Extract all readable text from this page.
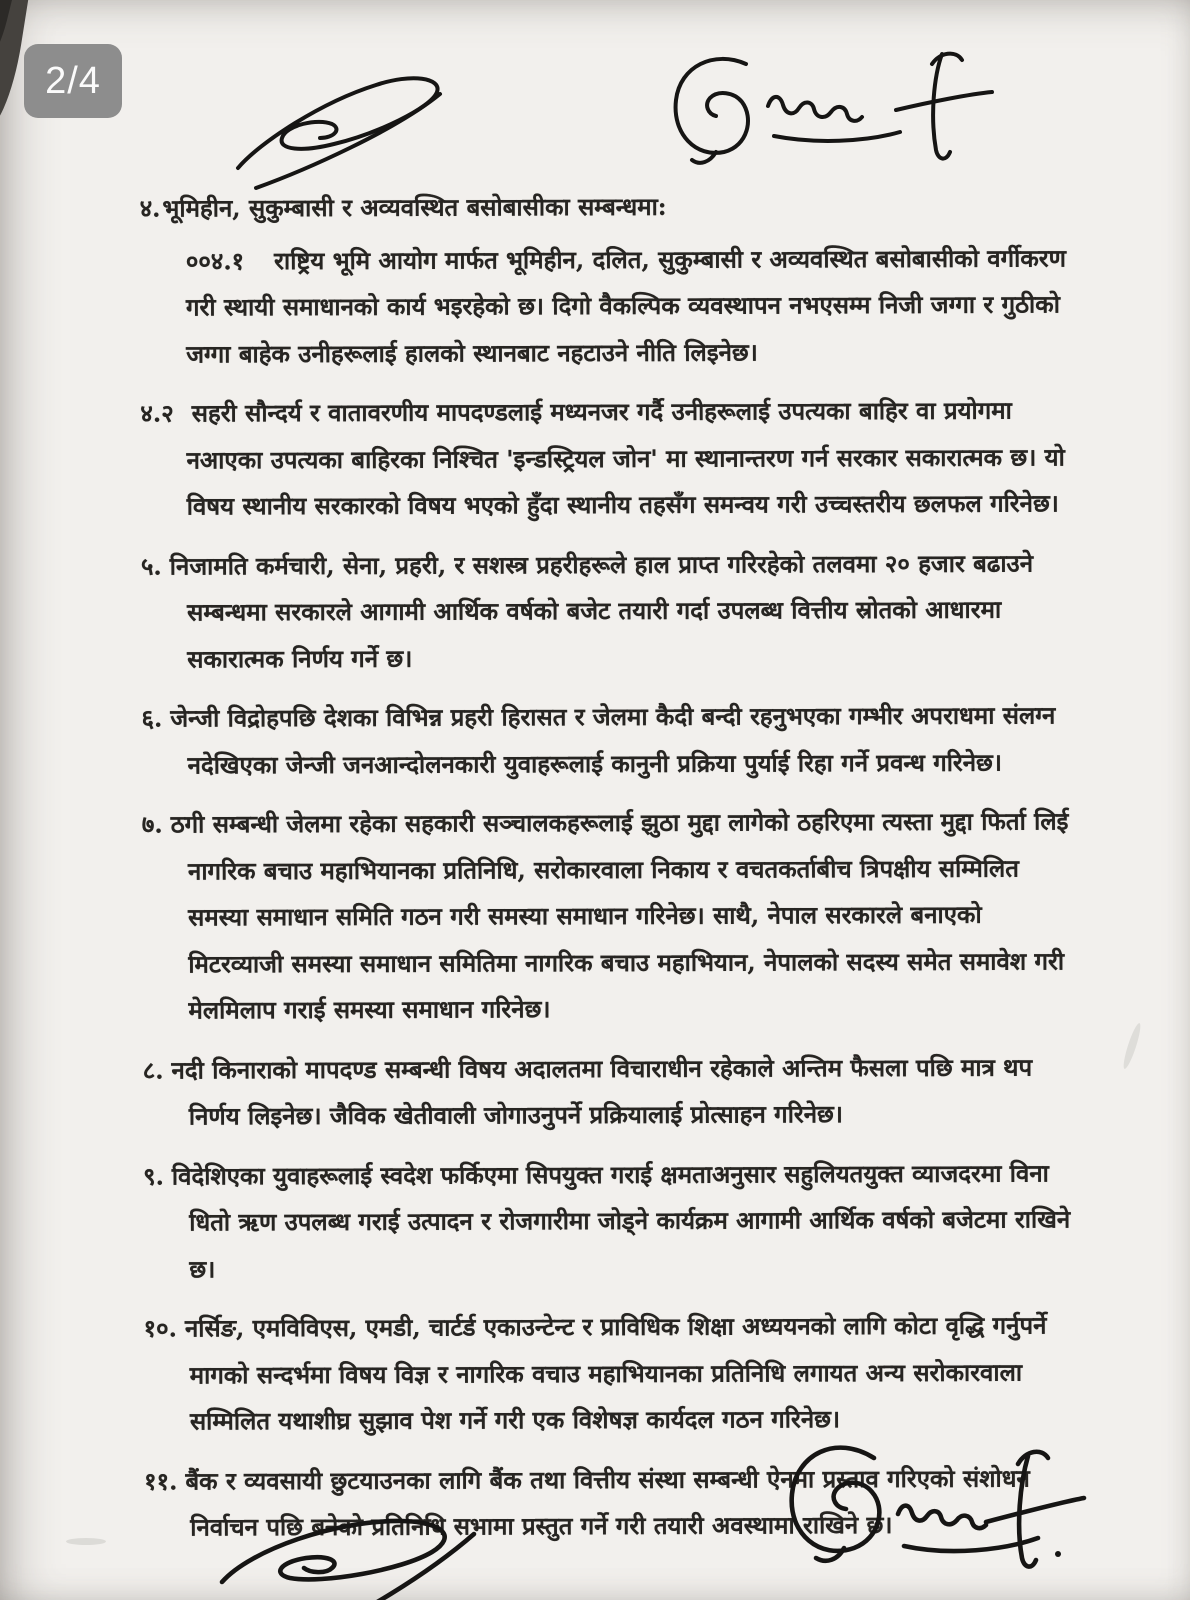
2/4

४.भूमिहीन, सुकुम्बासी र अव्यवस्थित बसोबासीका सम्बन्धमा:

००४.१ राष्ट्रिय भूमि आयोग मार्फत भूमिहीन, दलित, सुकुम्बासी र अव्यवस्थित बसोबासीको वर्गीकरण गरी स्थायी समाधानको कार्य भइरहेको छ। दिगो वैकल्पिक व्यवस्थापन नभएसम्म निजी जग्गा र गुठीको जग्गा बाहेक उनीहरूलाई हालको स्थानबाट नहटाउने नीति लिइनेछ।

४.२ सहरी सौन्दर्य र वातावरणीय मापदण्डलाई मध्यनजर गर्दै उनीहरूलाई उपत्यका बाहिर वा प्रयोगमा नआएका उपत्यका बाहिरका निश्चित 'इन्डस्ट्रियल जोन' मा स्थानान्तरण गर्न सरकार सकारात्मक छ। यो विषय स्थानीय सरकारको विषय भएको हुँदा स्थानीय तहसँग समन्वय गरी उच्चस्तरीय छलफल गरिनेछ।

५. निजामति कर्मचारी, सेना, प्रहरी, र सशस्त्र प्रहरीहरूले हाल प्राप्त गरिरहेको तलवमा २० हजार बढाउने सम्बन्धमा सरकारले आगामी आर्थिक वर्षको बजेट तयारी गर्दा उपलब्ध वित्तीय स्रोतको आधारमा सकारात्मक निर्णय गर्ने छ।

६. जेन्जी विद्रोहपछि देशका विभिन्न प्रहरी हिरासत र जेलमा कैदी बन्दी रहनुभएका गम्भीर अपराधमा संलग्न नदेखिएका जेन्जी जनआन्दोलनकारी युवाहरूलाई कानुनी प्रक्रिया पुर्याई रिहा गर्ने प्रवन्ध गरिनेछ।

७. ठगी सम्बन्धी जेलमा रहेका सहकारी सञ्चालकहरूलाई झुठा मुद्दा लागेको ठहरिएमा त्यस्ता मुद्दा फिर्ता लिई नागरिक बचाउ महाभियानका प्रतिनिधि, सरोकारवाला निकाय र वचतकर्ताबीच त्रिपक्षीय सम्मिलित समस्या समाधान समिति गठन गरी समस्या समाधान गरिनेछ। साथै, नेपाल सरकारले बनाएको मिटरव्याजी समस्या समाधान समितिमा नागरिक बचाउ महाभियान, नेपालको सदस्य समेत समावेश गरी मेलमिलाप गराई समस्या समाधान गरिनेछ।

८. नदी किनाराको मापदण्ड सम्बन्धी विषय अदालतमा विचाराधीन रहेकाले अन्तिम फैसला पछि मात्र थप निर्णय लिइनेछ। जैविक खेतीवाली जोगाउनुपर्ने प्रक्रियालाई प्रोत्साहन गरिनेछ।

९. विदेशिएका युवाहरूलाई स्वदेश फर्किएमा सिपयुक्त गराई क्षमताअनुसार सहुलियतयुक्त व्याजदरमा विना धितो ऋण उपलब्ध गराई उत्पादन र रोजगारीमा जोड्ने कार्यक्रम आगामी आर्थिक वर्षको बजेटमा राखिने छ।

१०. नर्सिङ, एमविविएस, एमडी, चार्टर्ड एकाउन्टेन्ट र प्राविधिक शिक्षा अध्ययनको लागि कोटा वृद्धि गर्नुपर्ने मागको सन्दर्भमा विषय विज्ञ र नागरिक वचाउ महाभियानका प्रतिनिधि लगायत अन्य सरोकारवाला सम्मिलित यथाशीघ्र सुझाव पेश गर्ने गरी एक विशेषज्ञ कार्यदल गठन गरिनेछ।

११. बैंक र व्यवसायी छुटयाउनका लागि बैंक तथा वित्तीय संस्था सम्बन्धी ऐनमा प्रस्ताव गरिएको संशोधन निर्वाचन पछि बनेको प्रतिनिधि सभामा प्रस्तुत गर्ने गरी तयारी अवस्थामा राखिने छ।
